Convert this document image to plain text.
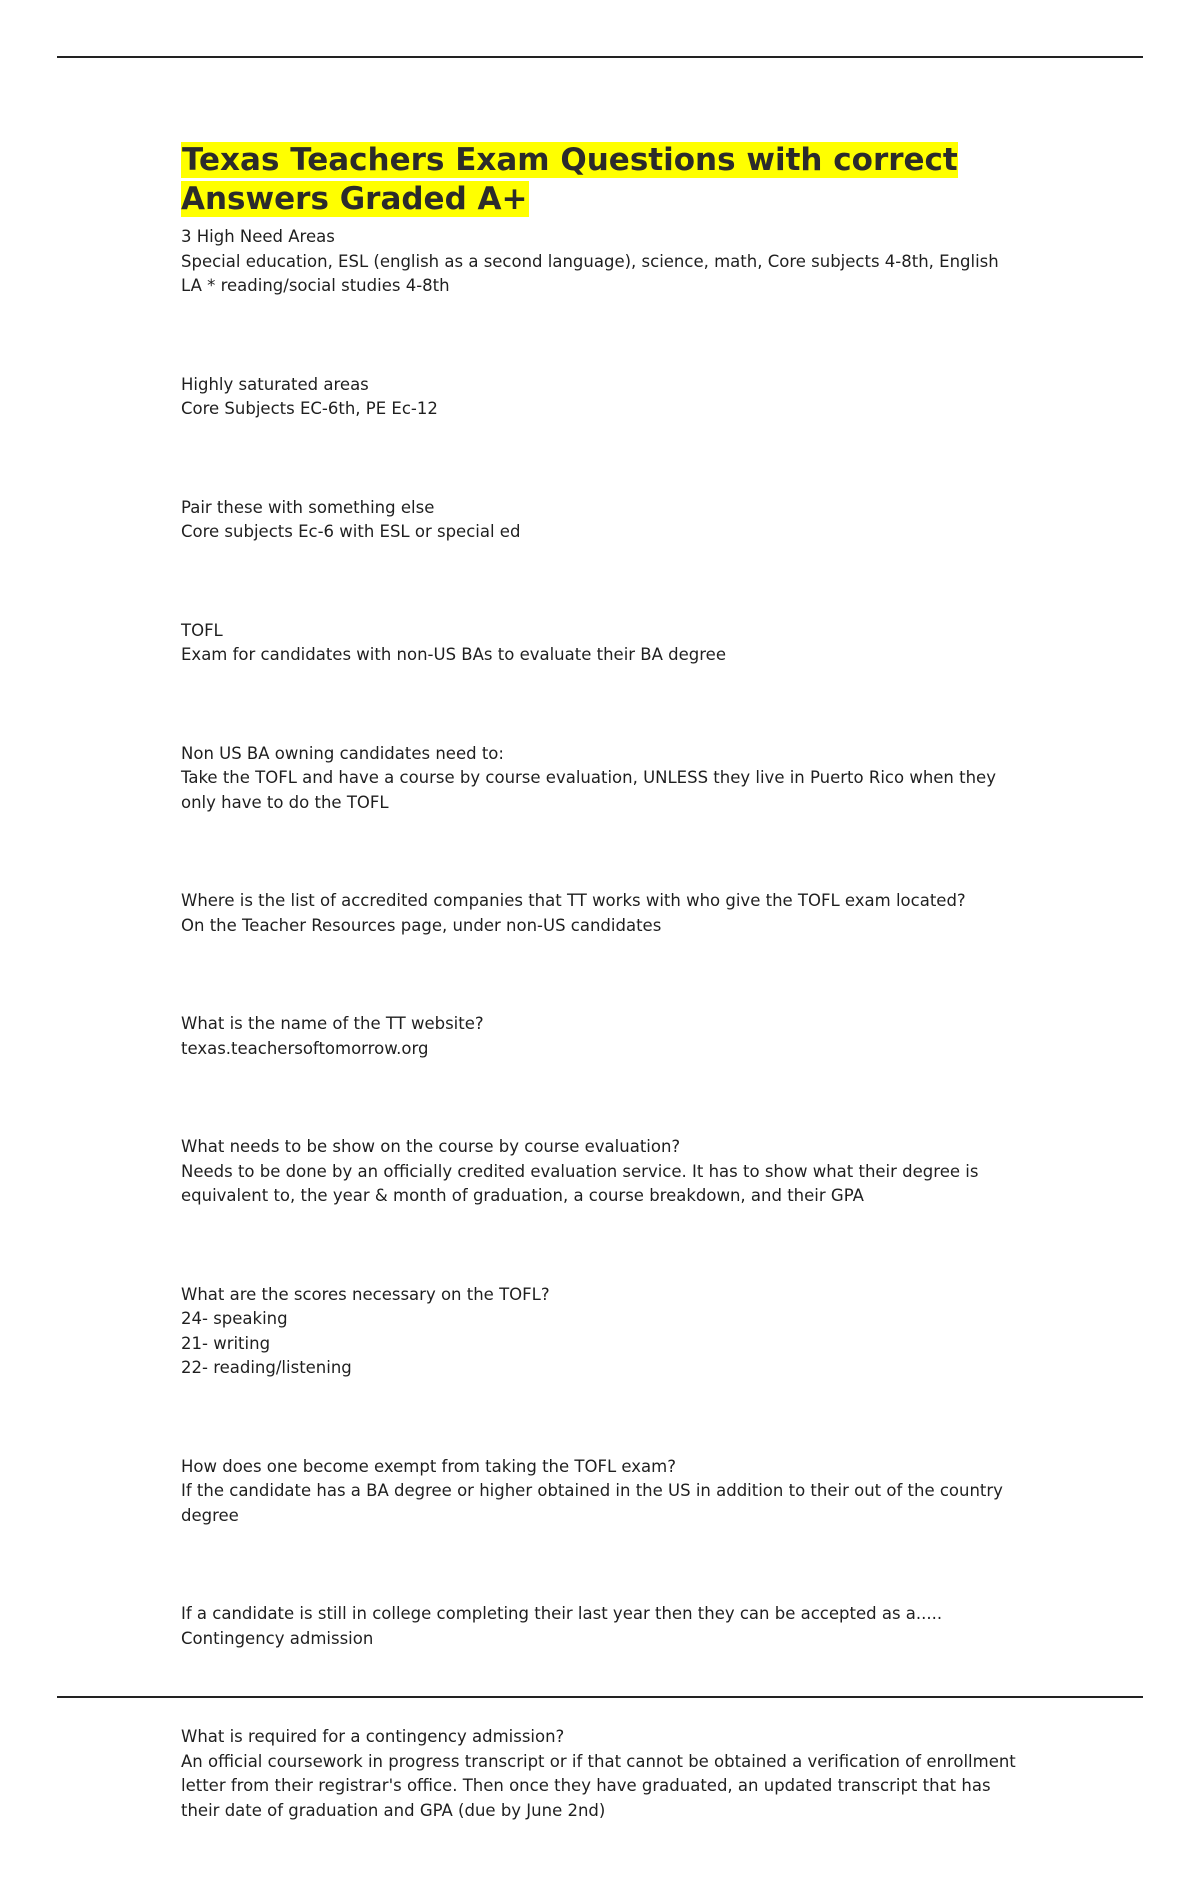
Texas Teachers Exam Questions with correct Answers Graded A+
3 High Need Areas
Special education, ESL (english as a second language), science, math, Core subjects 4-8th, English LA * reading/social studies 4-8th
Highly saturated areas
Core Subjects EC-6th, PE Ec-12
Pair these with something else
Core subjects Ec-6 with ESL or special ed
TOFL
Exam for candidates with non-US BAs to evaluate their BA degree
Non US BA owning candidates need to:
Take the TOFL and have a course by course evaluation, UNLESS they live in Puerto Rico when they only have to do the TOFL
Where is the list of accredited companies that TT works with who give the TOFL exam located?
On the Teacher Resources page, under non-US candidates
What is the name of the TT website?
texas.teachersoftomorrow.org
What needs to be show on the course by course evaluation?
Needs to be done by an officially credited evaluation service. It has to show what their degree is equivalent to, the year & month of graduation, a course breakdown, and their GPA
What are the scores necessary on the TOFL?
24- speaking
21- writing
22- reading/listening
How does one become exempt from taking the TOFL exam?
If the candidate has a BA degree or higher obtained in the US in addition to their out of the country degree
If a candidate is still in college completing their last year then they can be accepted as a.....
Contingency admission
What is required for a contingency admission?
An official coursework in progress transcript or if that cannot be obtained a verification of enrollment letter from their registrar's office. Then once they have graduated, an updated transcript that has their date of graduation and GPA (due by June 2nd)
